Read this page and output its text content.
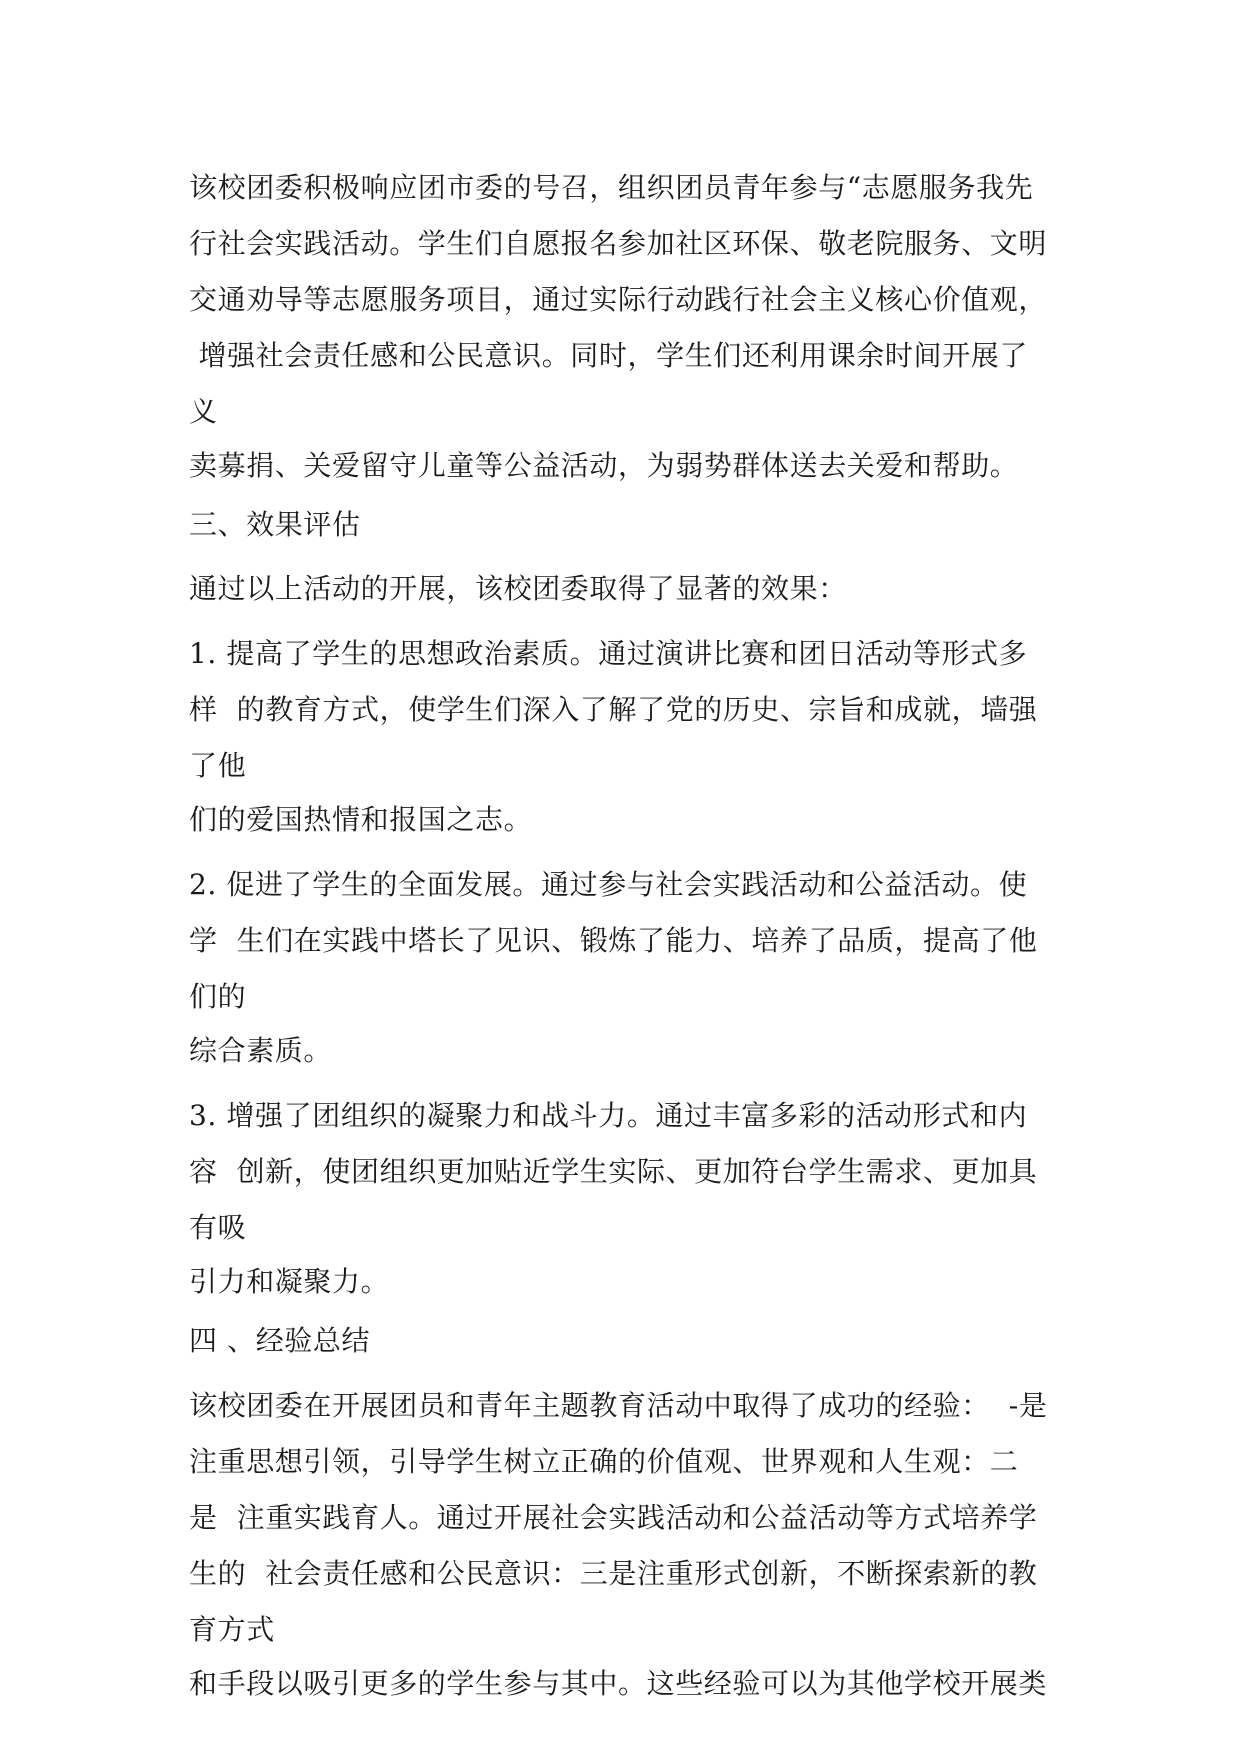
该校团委积极响应团市委的号召，组织团员青年参与“志愿服务我先

行社会实践活动。学生们自愿报名参加社区环保、敬老院服务、文明

交通劝导等志愿服务项目，通过实际行动践行社会主义核心价值观，

增强社会责任感和公民意识。同时，学生们还利用课余时间开展了

义

卖募捐、关爱留守儿童等公益活动，为弱势群体送去关爱和帮助。

三、效果评估

通过以上活动的开展，该校团委取得了显著的效果：

1. 提高了学生的思想政治素质。通过演讲比赛和团日活动等形式多

样  的教育方式，使学生们深入了解了党的历史、宗旨和成就，墙强

了他

们的爱国热情和报国之志。

2. 促进了学生的全面发展。通过参与社会实践活动和公益活动。使

学  生们在实践中塔长了见识、锻炼了能力、培养了品质，提高了他

们的

综合素质。

3. 增强了团组织的凝聚力和战斗力。通过丰富多彩的活动形式和内

容  创新，使团组织更加贴近学生实际、更加符台学生需求、更加具

有吸

引力和凝聚力。

四 、经验总结

该校团委在开展团员和青年主题教育活动中取得了成功的经验：  -是

注重思想引领，引导学生树立正确的价值观、世界观和人生观：二

是  注重实践育人。通过开展社会实践活动和公益活动等方式培养学

生的  社会责任感和公民意识：三是注重形式创新，不断探索新的教

育方式

和手段以吸引更多的学生参与其中。这些经验可以为其他学校开展类
